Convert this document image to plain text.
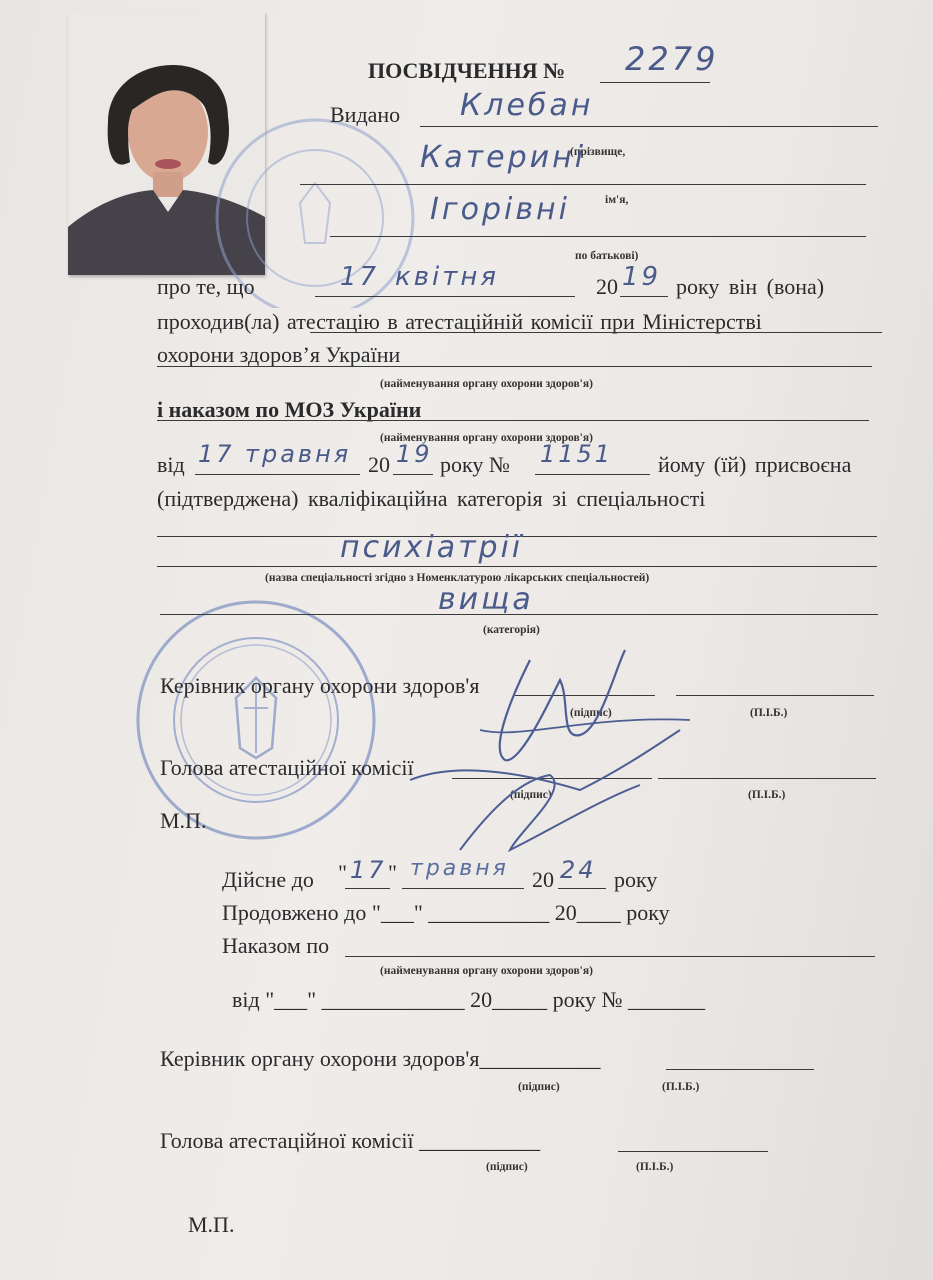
ПОСВІДЧЕННЯ № 2279
Видано Клебан
(прізвище,
Катерині
ім'я,
Ігорівні
по батькові)
про те, що	17 квітня	20 19 року він (вона)
проходив(ла) атестацію в атестаційній комісії при Міністерстві
охорони здоров’я України
(найменування органу охорони здоров'я)
і наказом по МОЗ України
(найменування органу охорони здоров'я)
від 17 травня 20 19 року № 1151 йому (їй) присвоєна
(підтверджена) кваліфікаційна категорія зі спеціальності
психіатрії
(назва спеціальності згідно з Номенклатурою лікарських спеціальностей)
вища
(категорія)
Керівник органу охорони здоров'я
(підпис)	(П.І.Б.)
Голова атестаційної комісії
(підпис)	(П.І.Б.)
М.П.
Дійсне до " 17 " травня 20 24 року
Продовжено до "___" ___________ 20____ року
Наказом по
(найменування органу охорони здоров'я)
від "___" _____________ 20_____ року № _______
Керівник органу охорони здоров'я___________
(підпис)	(П.І.Б.)
Голова атестаційної комісії ___________
(підпис)	(П.І.Б.)
М.П.
